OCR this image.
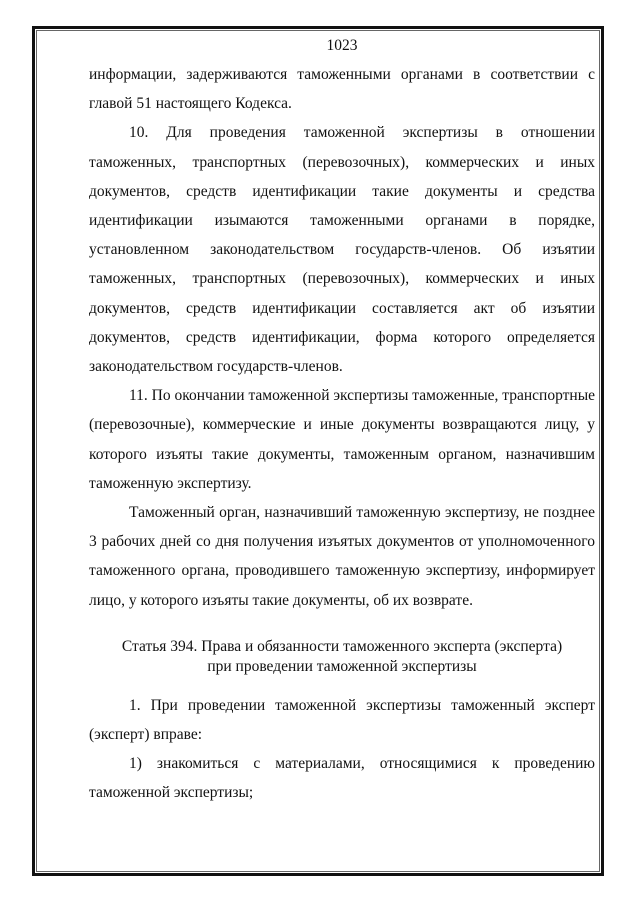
1023

информации, задерживаются таможенными органами в соответствии с главой 51 настоящего Кодекса.

10. Для проведения таможенной экспертизы в отношении таможенных, транспортных (перевозочных), коммерческих и иных документов, средств идентификации такие документы и средства идентификации изымаются таможенными органами в порядке, установленном законодательством государств-членов. Об изъятии таможенных, транспортных (перевозочных), коммерческих и иных документов, средств идентификации составляется акт об изъятии документов, средств идентификации, форма которого определяется законодательством государств-членов.

11. По окончании таможенной экспертизы таможенные, транспортные (перевозочные), коммерческие и иные документы возвращаются лицу, у которого изъяты такие документы, таможенным органом, назначившим таможенную экспертизу.

Таможенный орган, назначивший таможенную экспертизу, не позднее 3 рабочих дней со дня получения изъятых документов от уполномоченного таможенного органа, проводившего таможенную экспертизу, информирует лицо, у которого изъяты такие документы, об их возврате.

Статья 394. Права и обязанности таможенного эксперта (эксперта)

при проведении таможенной экспертизы

1. При проведении таможенной экспертизы таможенный эксперт (эксперт) вправе:

1) знакомиться с материалами, относящимися к проведению таможенной экспертизы;
